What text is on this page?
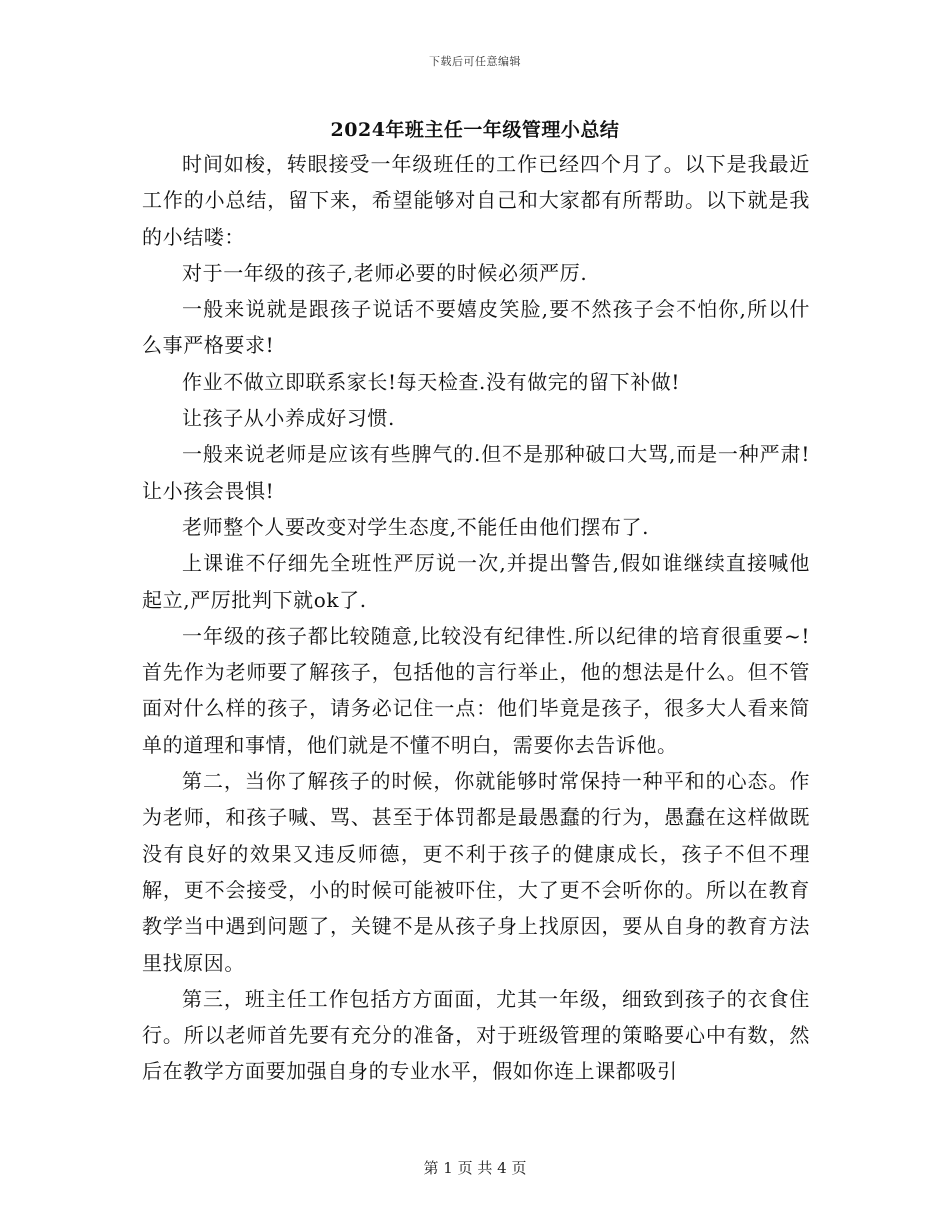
下载后可任意编辑
2024年班主任一年级管理小总结

时间如梭，转眼接受一年级班任的工作已经四个月了。以下是我最近工作的小总结，留下来，希望能够对自己和大家都有所帮助。以下就是我的小结喽：

对于一年级的孩子,老师必要的时候必须严厉.

一般来说就是跟孩子说话不要嬉皮笑脸,要不然孩子会不怕你,所以什么事严格要求!

作业不做立即联系家长!每天检查.没有做完的留下补做!

让孩子从小养成好习惯.

一般来说老师是应该有些脾气的.但不是那种破口大骂,而是一种严肃!让小孩会畏惧!

老师整个人要改变对学生态度,不能任由他们摆布了.

上课谁不仔细先全班性严厉说一次,并提出警告,假如谁继续直接喊他起立,严厉批判下就ok了.

一年级的孩子都比较随意,比较没有纪律性.所以纪律的培育很重要~!首先作为老师要了解孩子，包括他的言行举止，他的想法是什么。但不管面对什么样的孩子，请务必记住一点：他们毕竟是孩子，很多大人看来简单的道理和事情，他们就是不懂不明白，需要你去告诉他。

第二，当你了解孩子的时候，你就能够时常保持一种平和的心态。作为老师，和孩子喊、骂、甚至于体罚都是最愚蠢的行为，愚蠢在这样做既没有良好的效果又违反师德，更不利于孩子的健康成长，孩子不但不理解，更不会接受，小的时候可能被吓住，大了更不会听你的。所以在教育教学当中遇到问题了，关键不是从孩子身上找原因，要从自身的教育方法里找原因。

第三，班主任工作包括方方面面，尤其一年级，细致到孩子的衣食住行。所以老师首先要有充分的准备，对于班级管理的策略要心中有数，然后在教学方面要加强自身的专业水平，假如你连上课都吸引

第 1 页 共 4 页
